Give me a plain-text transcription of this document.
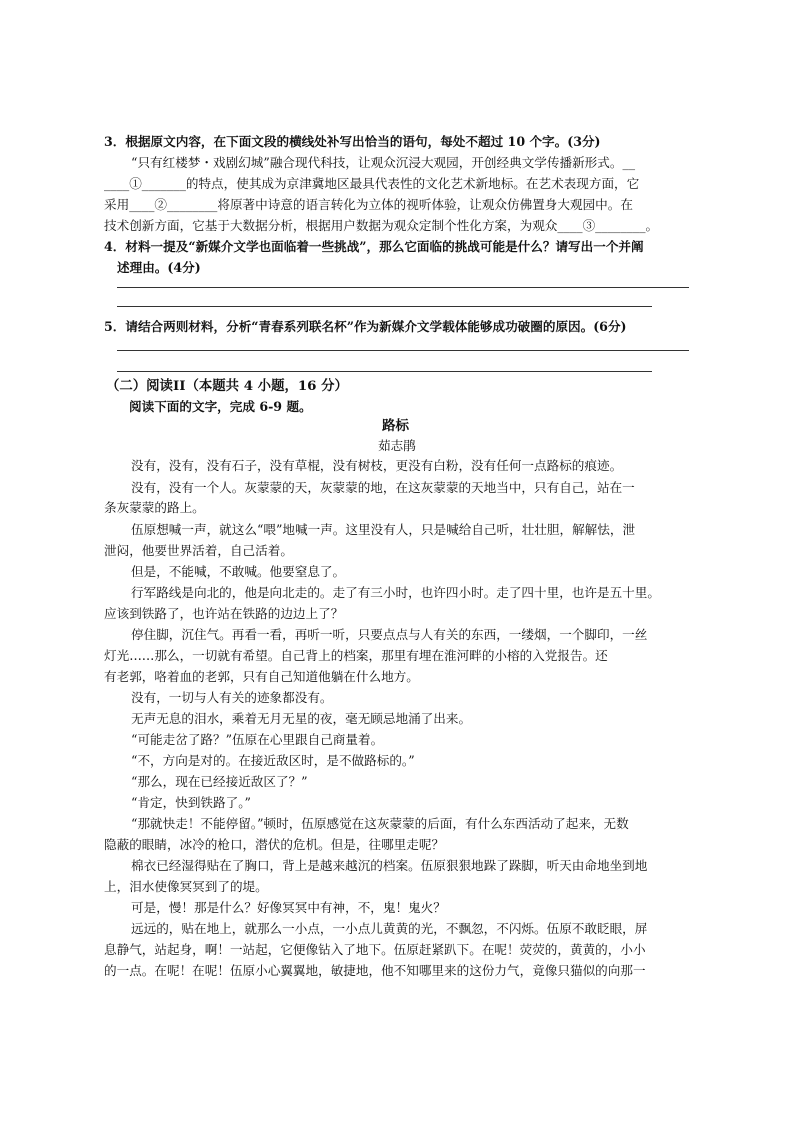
3．根据原文内容，在下面文段的横线处补写出恰当的语句，每处不超过 10 个字。(3分)
“只有红楼梦・戏剧幻城”融合现代科技，让观众沉浸大观园，开创经典文学传播新形式。__
____①_______的特点，使其成为京津冀地区最具代表性的文化艺术新地标。在艺术表现方面，它
采用____②________将原著中诗意的语言转化为立体的视听体验，让观众仿佛置身大观园中。在
技术创新方面，它基于大数据分析，根据用户数据为观众定制个性化方案，为观众____③________。
4．材料一提及“新媒介文学也面临着一些挑战”，那么它面临的挑战可能是什么？请写出一个并阐
述理由。(4分)
5．请结合两则材料，分析“青春系列联名杯”作为新媒介文学载体能够成功破圈的原因。(6分)
（二）阅读II（本题共 4 小题，16 分）
阅读下面的文字，完成 6-9 题。
路标
茹志鹃
没有，没有，没有石子，没有草棍，没有树枝，更没有白粉，没有任何一点路标的痕迹。
没有，没有一个人。灰蒙蒙的天，灰蒙蒙的地，在这灰蒙蒙的天地当中，只有自己，站在一
条灰蒙蒙的路上。
伍原想喊一声，就这么“喂”地喊一声。这里没有人，只是喊给自己听，壮壮胆，解解怯，泄
泄闷，他要世界活着，自己活着。
但是，不能喊，不敢喊。他要窒息了。
行军路线是向北的，他是向北走的。走了有三小时，也许四小时。走了四十里，也许是五十里。
应该到铁路了，也许站在铁路的边边上了？
停住脚，沉住气。再看一看，再听一听，只要点点与人有关的东西，一缕烟，一个脚印，一丝
灯光……那么，一切就有希望。自己背上的档案，那里有埋在淮河畔的小榕的入党报告。还
有老郭，咯着血的老郭，只有自己知道他躺在什么地方。
没有，一切与人有关的迹象都没有。
无声无息的泪水，乘着无月无星的夜，毫无顾忌地涌了出来。
“可能走岔了路？”伍原在心里跟自己商量着。
“不，方向是对的。在接近敌区时，是不做路标的。”
“那么，现在已经接近敌区了？”
“肯定，快到铁路了。”
“那就快走！不能停留。”顿时，伍原感觉在这灰蒙蒙的后面，有什么东西活动了起来，无数
隐蔽的眼睛，冰冷的枪口，潜伏的危机。但是，往哪里走呢？
棉衣已经湿得贴在了胸口，背上是越来越沉的档案。伍原狠狠地跺了跺脚，听天由命地坐到地
上，泪水使像冥冥到了的堤。
可是，慢！那是什么？好像冥冥中有神，不，鬼！鬼火？
远远的，贴在地上，就那么一小点，一小点儿黄黄的光，不飘忽，不闪烁。伍原不敢眨眼，屏
息静气，站起身，啊！一站起，它便像钻入了地下。伍原赶紧趴下。在呢！荧荧的，黄黄的，小小
的一点。在呢！在呢！伍原小心翼翼地，敏捷地，他不知哪里来的这份力气，竟像只猫似的向那一
